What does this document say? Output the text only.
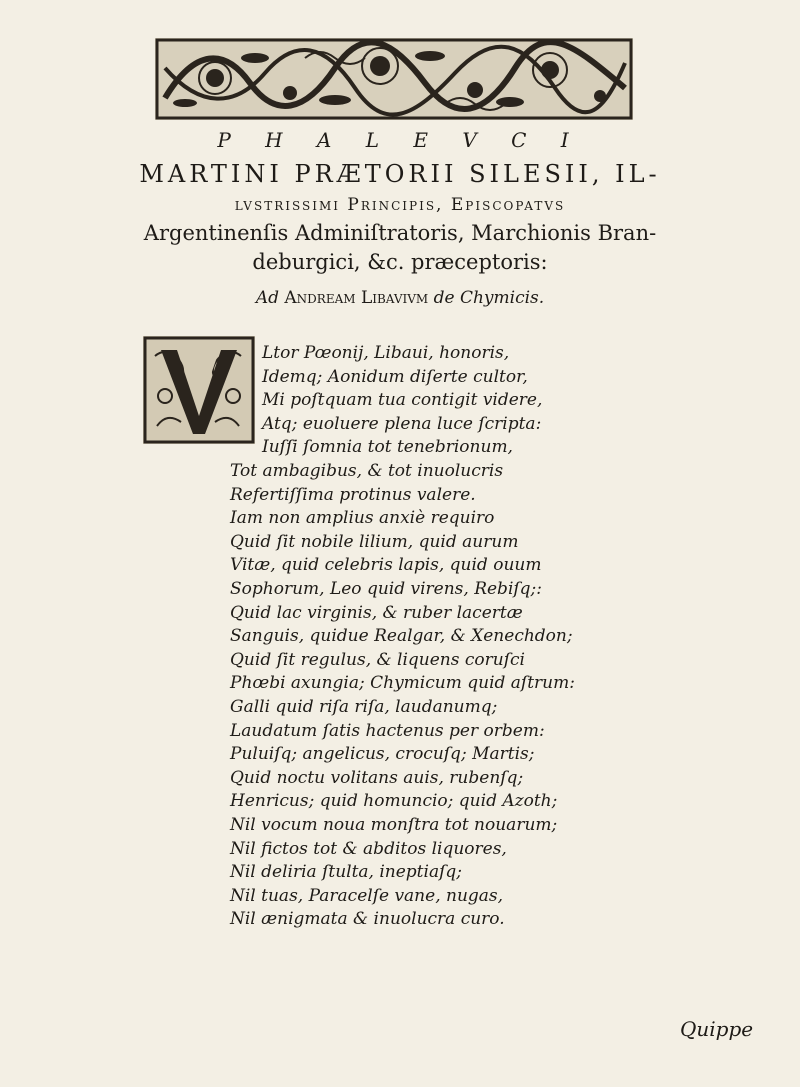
P H A L E V C I
MARTINI PRÆTORII SILESII, IL-
lvstrissimi Principis, Episcopatvs
Argentinenſis Adminiſtratoris, Marchionis Bran-
deburgici, &c. præceptoris:
Ad Andream Libavivm de Chymicis.
Ltor Pœonij, Libaui, honoris,
Idemq; Aonidum diſerte cultor,
Mi poſtquam tua contigit videre,
Atq; euoluere plena luce ſcripta:
Iuſſi ſomnia tot tenebrionum,
Tot ambagibus, & tot inuolucris
Refertiſſima protinus valere.
Iam non amplius anxiè requiro
Quid ſit nobile lilium, quid aurum
Vitæ, quid celebris lapis, quid ouum
Sophorum, Leo quid virens, Rebiſq;:
Quid lac virginis, & ruber lacertæ
Sanguis, quidue Realgar, & Xenechdon;
Quid ſit regulus, & liquens coruſci
Phœbi axungia; Chymicum quid aſtrum:
Galli quid riſa riſa, laudanumq;
Laudatum ſatis hactenus per orbem:
Puluiſq; angelicus, crocuſq; Martis;
Quid noctu volitans auis, rubenſq;
Henricus; quid homuncio; quid Azoth;
Nil vocum noua monſtra tot nouarum;
Nil fictos tot & abditos liquores,
Nil deliria ſtulta, ineptiaſq;
Nil tuas, Paracelſe vane, nugas,
Nil ænigmata & inuolucra curo.
Quippe
